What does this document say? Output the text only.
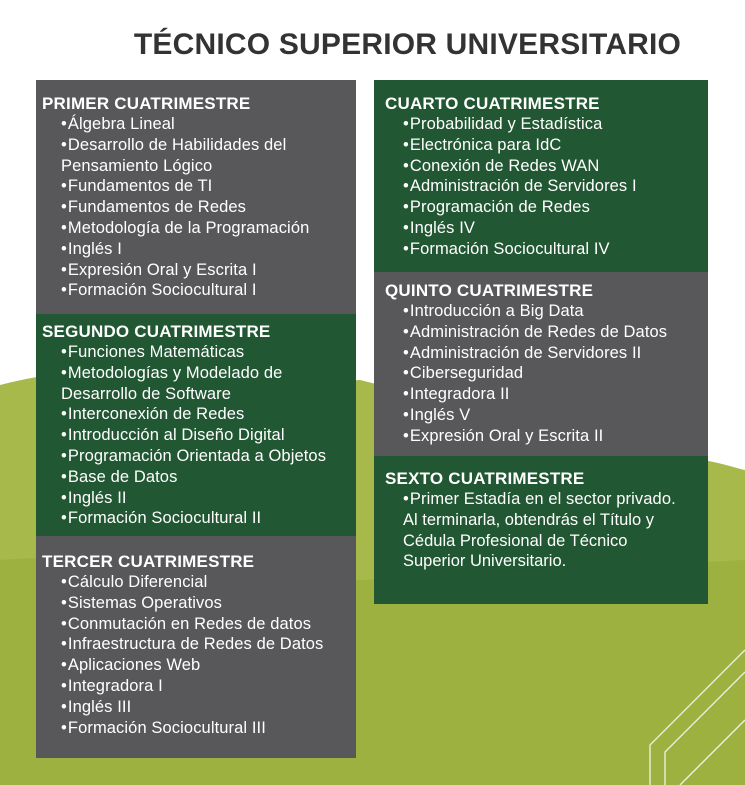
TÉCNICO SUPERIOR UNIVERSITARIO
PRIMER CUATRIMESTRE
•Álgebra Lineal
•Desarrollo de Habilidades del Pensamiento Lógico
•Fundamentos de TI
•Fundamentos de Redes
•Metodología de la Programación
•Inglés I
•Expresión Oral y Escrita I
•Formación Sociocultural I
SEGUNDO CUATRIMESTRE
•Funciones Matemáticas
•Metodologías y Modelado de Desarrollo de Software
•Interconexión de Redes
•Introducción al Diseño Digital
•Programación Orientada a Objetos
•Base de Datos
•Inglés II
•Formación Sociocultural II
TERCER CUATRIMESTRE
•Cálculo Diferencial
•Sistemas Operativos
•Conmutación en Redes de datos
•Infraestructura de Redes de Datos
•Aplicaciones Web
•Integradora I
•Inglés III
•Formación Sociocultural III
CUARTO CUATRIMESTRE
•Probabilidad y Estadística
•Electrónica para IdC
•Conexión de Redes WAN
•Administración de Servidores I
•Programación de Redes
•Inglés IV
•Formación Sociocultural IV
QUINTO CUATRIMESTRE
•Introducción a Big Data
•Administración de Redes de Datos
•Administración de Servidores II
•Ciberseguridad
•Integradora II
•Inglés V
•Expresión Oral y Escrita II
SEXTO CUATRIMESTRE
•Primer Estadía en el sector privado.
Al terminarla, obtendrás el Título y Cédula Profesional de Técnico Superior Universitario.
